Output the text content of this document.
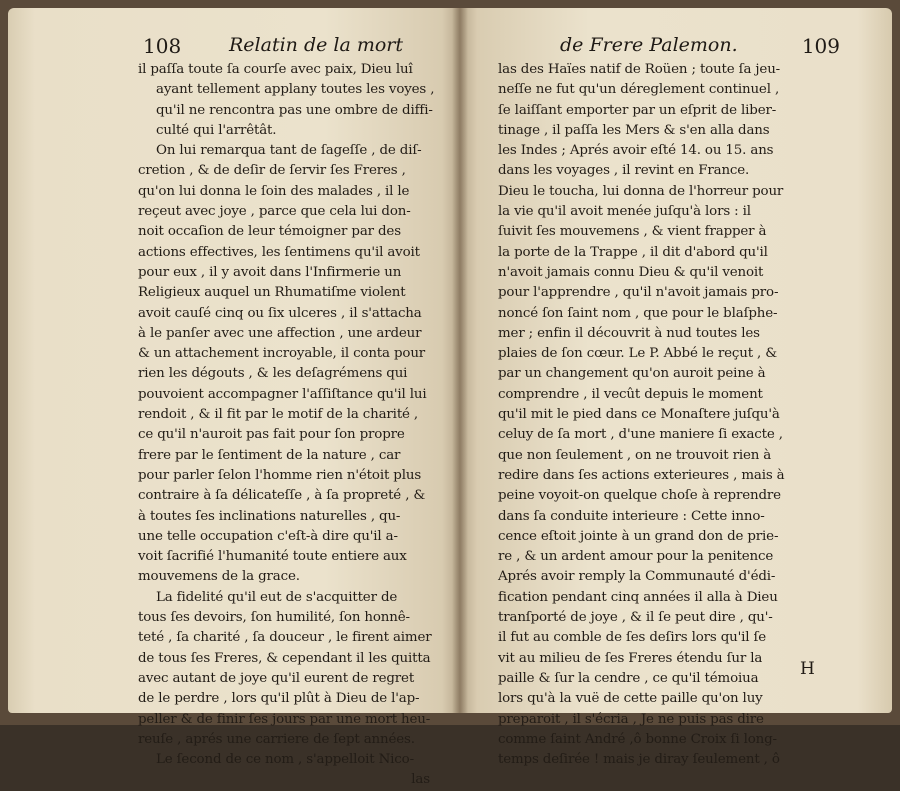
108	Relatin de la mort
il paſſa toute ſa courſe avec paix, Dieu luî
ayant tellement applany toutes les voyes ,
qu'il ne rencontra pas une ombre de diffi-
culté qui l'arrêtât.
On lui remarqua tant de ſageſſe , de diſ-
cretion , & de deſir de ſervir ſes Freres ,
qu'on lui donna le ſoin des malades , il le
reçeut avec joye , parce que cela lui don-
noit occaſion de leur témoigner par des
actions effectives, les ſentimens qu'il avoit
pour eux , il y avoit dans l'Infirmerie un
Religieux auquel un Rhumatiſme violent
avoit cauſé cinq ou ſix ulceres , il s'attacha
à le panſer avec une affection , une ardeur
& un attachement incroyable, il conta pour
rien les dégouts , & les deſagrémens qui
pouvoient accompagner l'aſſiſtance qu'il lui
rendoit , & il fit par le motif de la charité ,
ce qu'il n'auroit pas fait pour ſon propre
frere par le ſentiment de la nature , car
pour parler ſelon l'homme rien n'étoit plus
contraire à ſa délicateſſe , à ſa propreté , &
à toutes ſes inclinations naturelles , qu-
une telle occupation c'eſt-à dire qu'il a-
voit ſacrifié l'humanité toute entiere aux
mouvemens de la grace.
La fidelité qu'il eut de s'acquitter de
tous ſes devoirs, ſon humilité, ſon honnê-
teté , ſa charité , ſa douceur , le firent aimer
de tous ſes Freres, & cependant il les quitta
avec autant de joye qu'il eurent de regret
de le perdre , lors qu'il plût à Dieu de l'ap-
peller & de finir ſes jours par une mort heu-
reuſe , aprés une carriere de ſept années.
Le ſecond de ce nom , s'appelloit Nico-
las
de Frere Palemon.	109
las des Haïes natif de Roüen ; toute ſa jeu-
neſſe ne fut qu'un déreglement continuel ,
ſe laiſſant emporter par un eſprit de liber-
tinage , il paſſa les Mers & s'en alla dans
les Indes ; Aprés avoir eſté 14. ou 15. ans
dans les voyages , il revint en France.
Dieu le toucha, lui donna de l'horreur pour
la vie qu'il avoit menée juſqu'à lors : il
ſuivit ſes mouvemens , & vient frapper à
la porte de la Trappe , il dit d'abord qu'il
n'avoit jamais connu Dieu & qu'il venoit
pour l'apprendre , qu'il n'avoit jamais pro-
noncé ſon ſaint nom , que pour le blaſphe-
mer ; enfin il découvrit à nud toutes les
plaies de ſon cœur. Le P. Abbé le reçut , &
par un changement qu'on auroit peine à
comprendre , il vecût depuis le moment
qu'il mit le pied dans ce Monaſtere juſqu'à
celuy de ſa mort , d'une maniere ſi exacte ,
que non ſeulement , on ne trouvoit rien à
redire dans ſes actions exterieures , mais à
peine voyoit-on quelque choſe à reprendre
dans ſa conduite interieure : Cette inno-
cence eſtoit jointe à un grand don de prie-
re , & un ardent amour pour la penitence
Aprés avoir remply la Communauté d'édi-
fication pendant cinq années il alla à Dieu
tranſporté de joye , & il ſe peut dire , qu'-
il fut au comble de ſes deſirs lors qu'il ſe
vit au milieu de ſes Freres étendu ſur la
paille & ſur la cendre , ce qu'il témoiua
lors qu'à la vuë de cette paille qu'on luy
preparoit , il s'écria , Je ne puis pas dire
comme ſaint André ,ô bonne Croix ſi long-
temps deſirée ! mais je diray ſeulement , ô
H
